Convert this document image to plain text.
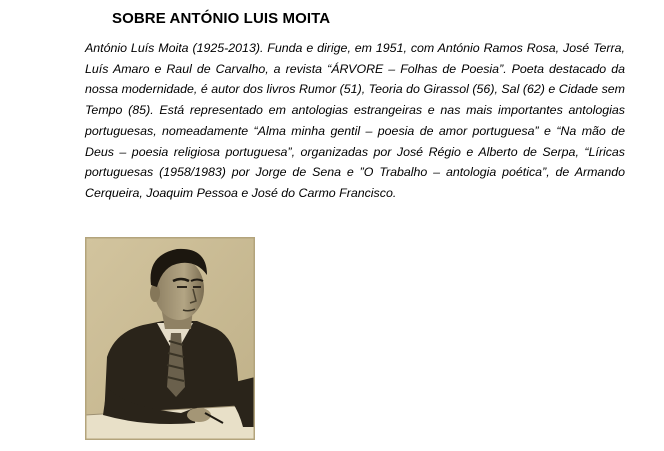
SOBRE ANTÓNIO LUIS MOITA

António Luís Moita (1925-2013). Funda e dirige, em 1951, com António Ramos Rosa, José Terra, Luís Amaro e Raul de Carvalho, a revista “ÁRVORE – Folhas de Poesia”. Poeta destacado da nossa modernidade, é autor dos livros Rumor (51), Teoria do Girassol (56), Sal (62) e Cidade sem Tempo (85). Está representado em antologias estrangeiras e nas mais importantes antologias portuguesas, nomeadamente “Alma minha gentil – poesia de amor portuguesa” e “Na mão de Deus – poesia religiosa portuguesa”, organizadas por José Régio e Alberto de Serpa, “Líricas portuguesas (1958/1983) por Jorge de Sena e ”O Trabalho – antologia poética”, de Armando Cerqueira, Joaquim Pessoa e José do Carmo Francisco.
